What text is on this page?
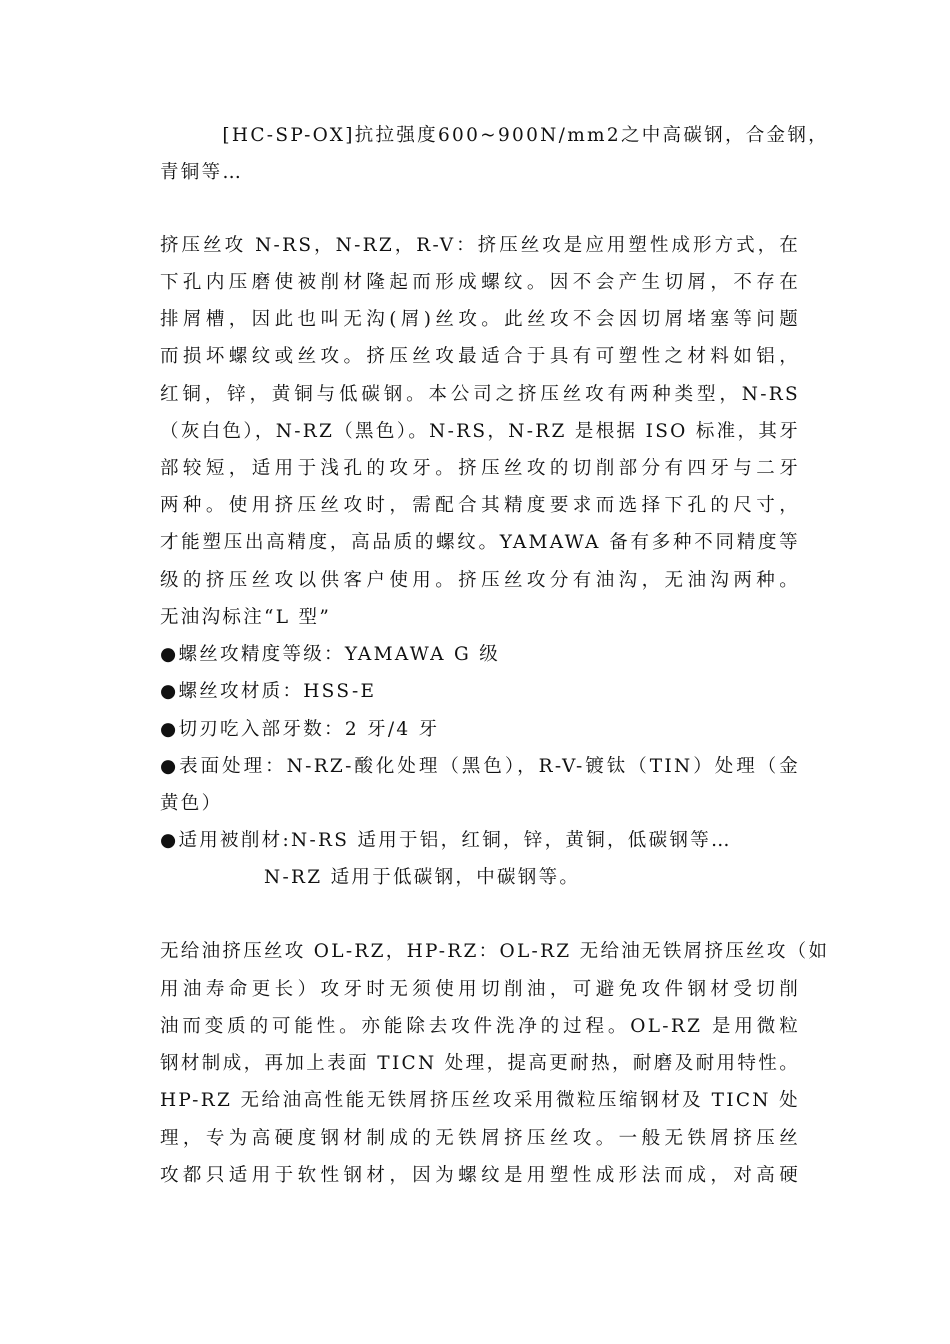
　　　[HC-SP-OX]抗拉强度600~900N/mm2之中高碳钢，合金钢，
青铜等…
挤压丝攻 N-RS，N-RZ，R-V：挤压丝攻是应用塑性成形方式，在
下孔内压磨使被削材隆起而形成螺纹。因不会产生切屑，不存在
排屑槽，因此也叫无沟(屑)丝攻。此丝攻不会因切屑堵塞等问题
而损坏螺纹或丝攻。挤压丝攻最适合于具有可塑性之材料如铝，
红铜，锌，黄铜与低碳钢。本公司之挤压丝攻有两种类型，N-RS
（灰白色），N-RZ（黑色）。N-RS，N-RZ 是根据 ISO 标准，其牙
部较短，适用于浅孔的攻牙。挤压丝攻的切削部分有四牙与二牙
两种。使用挤压丝攻时，需配合其精度要求而选择下孔的尺寸，
才能塑压出高精度，高品质的螺纹。YAMAWA 备有多种不同精度等
级的挤压丝攻以供客户使用。挤压丝攻分有油沟，无油沟两种。
无油沟标注“L 型”
●螺丝攻精度等级：YAMAWA G 级
●螺丝攻材质：HSS-E
●切刃吃入部牙数：2 牙/4 牙
●表面处理：N-RZ-酸化处理（黑色），R-V-镀钛（TIN）处理（金
黄色）
●适用被削材:N-RS 适用于铝，红铜，锌，黄铜，低碳钢等…
　　　　　N-RZ 适用于低碳钢，中碳钢等。
无给油挤压丝攻 OL-RZ，HP-RZ：OL-RZ 无给油无铁屑挤压丝攻（如
用油寿命更长）攻牙时无须使用切削油，可避免攻件钢材受切削
油而变质的可能性。亦能除去攻件洗净的过程。OL-RZ 是用微粒
钢材制成，再加上表面 TICN 处理，提高更耐热，耐磨及耐用特性。
HP-RZ 无给油高性能无铁屑挤压丝攻采用微粒压缩钢材及 TICN 处
理，专为高硬度钢材制成的无铁屑挤压丝攻。一般无铁屑挤压丝
攻都只适用于软性钢材，因为螺纹是用塑性成形法而成，对高硬
